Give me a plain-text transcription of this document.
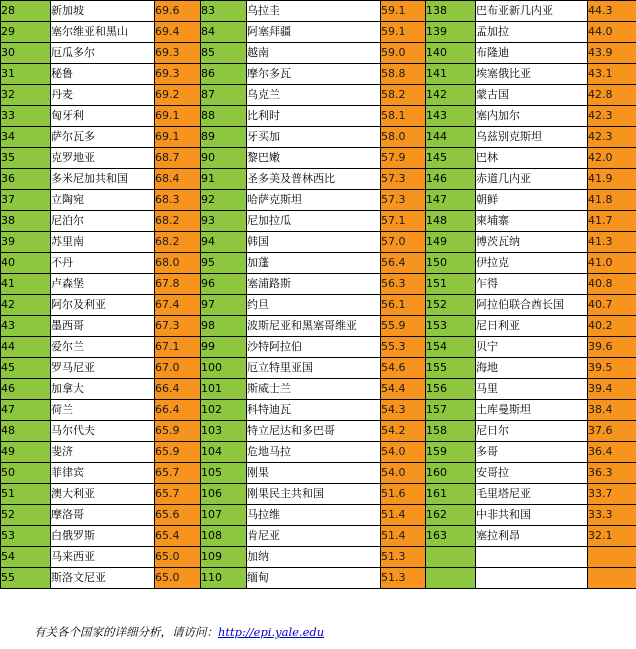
28	新加坡	69.6	83	乌拉圭	59.1	138	巴布亚新几内亚	44.3
29	塞尔维亚和黑山	69.4	84	阿塞拜疆	59.1	139	孟加拉	44.0
30	厄瓜多尔	69.3	85	越南	59.0	140	布隆迪	43.9
31	秘鲁	69.3	86	摩尔多瓦	58.8	141	埃塞俄比亚	43.1
32	丹麦	69.2	87	乌克兰	58.2	142	蒙古国	42.8
33	匈牙利	69.1	88	比利时	58.1	143	塞内加尔	42.3
34	萨尔瓦多	69.1	89	牙买加	58.0	144	乌兹别克斯坦	42.3
35	克罗地亚	68.7	90	黎巴嫩	57.9	145	巴林	42.0
36	多米尼加共和国	68.4	91	圣多美及普林西比	57.3	146	赤道几内亚	41.9
37	立陶宛	68.3	92	哈萨克斯坦	57.3	147	朝鲜	41.8
38	尼泊尔	68.2	93	尼加拉瓜	57.1	148	柬埔寨	41.7
39	苏里南	68.2	94	韩国	57.0	149	博茨瓦纳	41.3
40	不丹	68.0	95	加蓬	56.4	150	伊拉克	41.0
41	卢森堡	67.8	96	塞浦路斯	56.3	151	乍得	40.8
42	阿尔及利亚	67.4	97	约旦	56.1	152	阿拉伯联合酋长国	40.7
43	墨西哥	67.3	98	波斯尼亚和黑塞哥维亚	55.9	153	尼日利亚	40.2
44	爱尔兰	67.1	99	沙特阿拉伯	55.3	154	贝宁	39.6
45	罗马尼亚	67.0	100	厄立特里亚国	54.6	155	海地	39.5
46	加拿大	66.4	101	斯威士兰	54.4	156	马里	39.4
47	荷兰	66.4	102	科特迪瓦	54.3	157	土库曼斯坦	38.4
48	马尔代夫	65.9	103	特立尼达和多巴哥	54.2	158	尼日尔	37.6
49	斐济	65.9	104	危地马拉	54.0	159	多哥	36.4
50	菲律宾	65.7	105	刚果	54.0	160	安哥拉	36.3
51	澳大利亚	65.7	106	刚果民主共和国	51.6	161	毛里塔尼亚	33.7
52	摩洛哥	65.6	107	马拉维	51.4	162	中非共和国	33.3
53	白俄罗斯	65.4	108	肯尼亚	51.4	163	塞拉利昂	32.1
54	马来西亚	65.0	109	加纳	51.3			
55	斯洛文尼亚	65.0	110	缅甸	51.3			
有关各个国家的详细分析，请访问：http://epi.yale.edu
